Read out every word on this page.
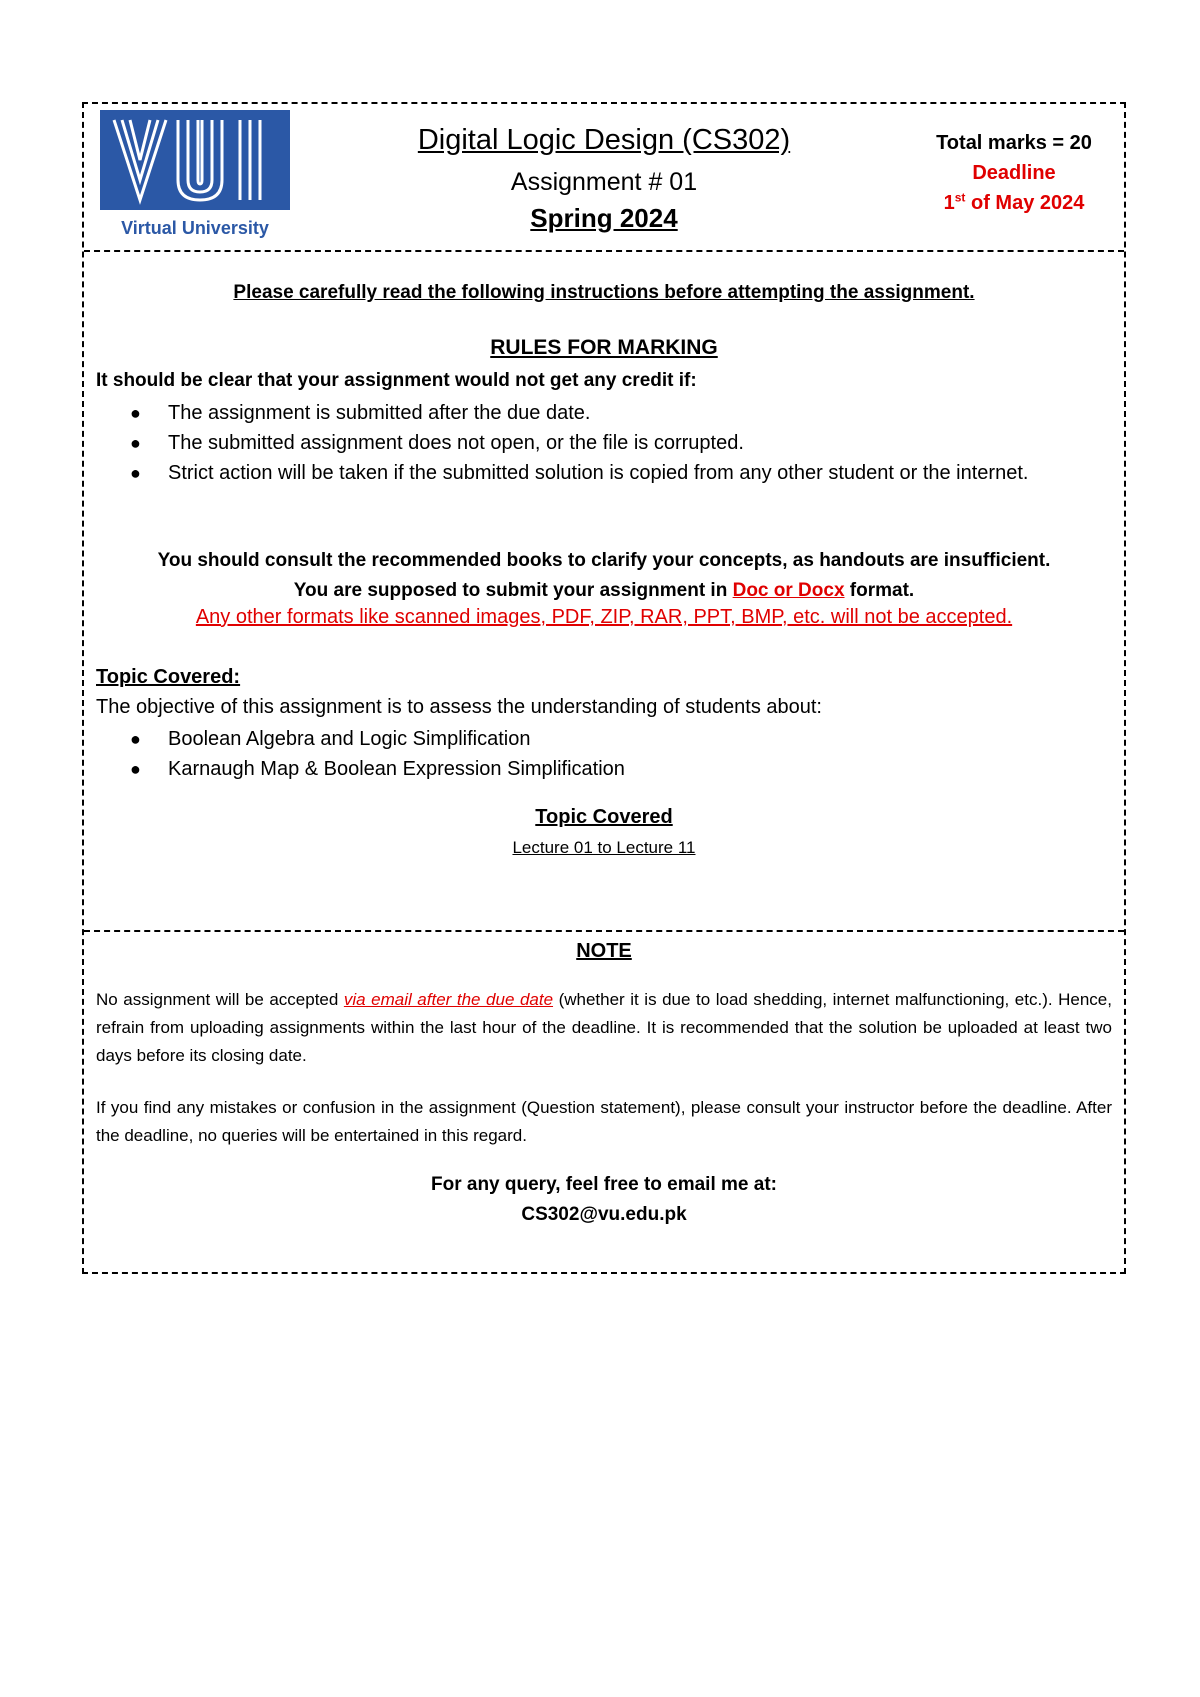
Virtual University
Digital Logic Design (CS302)
Assignment # 01
Spring 2024
Total marks = 20
Deadline
1st of May 2024
Please carefully read the following instructions before attempting the assignment.
RULES FOR MARKING
It should be clear that your assignment would not get any credit if:
● The assignment is submitted after the due date.
● The submitted assignment does not open, or the file is corrupted.
● Strict action will be taken if the submitted solution is copied from any other student or the internet.
You should consult the recommended books to clarify your concepts, as handouts are insufficient.
You are supposed to submit your assignment in Doc or Docx format.
Any other formats like scanned images, PDF, ZIP, RAR, PPT, BMP, etc. will not be accepted.
Topic Covered:
The objective of this assignment is to assess the understanding of students about:
● Boolean Algebra and Logic Simplification
● Karnaugh Map & Boolean Expression Simplification
Topic Covered
Lecture 01 to Lecture 11
NOTE
No assignment will be accepted via email after the due date (whether it is due to load shedding, internet malfunctioning, etc.). Hence, refrain from uploading assignments within the last hour of the deadline. It is recommended that the solution be uploaded at least two days before its closing date.
If you find any mistakes or confusion in the assignment (Question statement), please consult your instructor before the deadline. After the deadline, no queries will be entertained in this regard.
For any query, feel free to email me at:
CS302@vu.edu.pk
